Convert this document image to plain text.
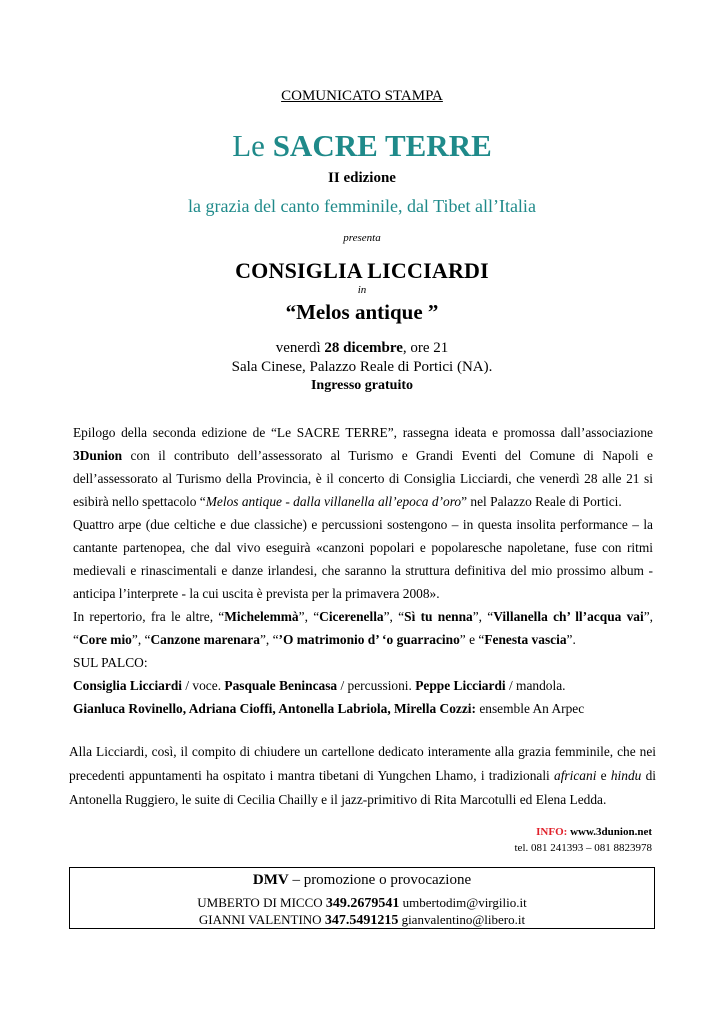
COMUNICATO STAMPA
Le SACRE TERRE
II edizione
la grazia del canto femminile, dal Tibet all’Italia
presenta
CONSIGLIA LICCIARDI
in
“Melos antique ”
venerdì 28 dicembre, ore 21
Sala Cinese, Palazzo Reale di Portici (NA).
Ingresso gratuito
Epilogo della seconda edizione de “Le SACRE TERRE”, rassegna ideata e promossa dall’associazione
3Dunion con il contributo dell’assessorato al Turismo e Grandi Eventi del Comune di Napoli e
dell’assessorato al Turismo della Provincia, è il concerto di Consiglia Licciardi, che venerdì 28 alle 21 si
esibirà nello spettacolo “Melos antique - dalla villanella all’epoca d’oro” nel Palazzo Reale di Portici.
Quattro arpe (due celtiche e due classiche) e percussioni sostengono – in questa insolita performance – la
cantante partenopea, che dal vivo eseguirà «canzoni popolari e popolaresche napoletane, fuse con ritmi
medievali e rinascimentali e danze irlandesi, che saranno la struttura definitiva del mio prossimo album -
anticipa l’interprete - la cui uscita è prevista per la primavera 2008».
In repertorio, fra le altre, “Michelemmà”, “Cicerenella”, “Sì tu nenna”, “Villanella ch’ ll’acqua vai”,
“Core mio”, “Canzone marenara”, “’O matrimonio d’ ‘o guarracino” e “Fenesta vascia”.
SUL PALCO:
Consiglia Licciardi / voce. Pasquale Benincasa / percussioni. Peppe Licciardi / mandola.
Gianluca Rovinello, Adriana Cioffi, Antonella Labriola, Mirella Cozzi: ensemble An Arpec
Alla Licciardi, così, il compito di chiudere un cartellone dedicato interamente alla grazia femminile, che nei
precedenti appuntamenti ha ospitato i mantra tibetani di Yungchen Lhamo, i tradizionali africani e hindu di
Antonella Ruggiero, le suite di Cecilia Chailly e il jazz-primitivo di Rita Marcotulli ed Elena Ledda.
INFO: www.3dunion.net
tel. 081 241393 – 081 8823978
DMV – promozione o provocazione
UMBERTO DI MICCO 349.2679541 umbertodim@virgilio.it
GIANNI VALENTINO 347.5491215 gianvalentino@libero.it
